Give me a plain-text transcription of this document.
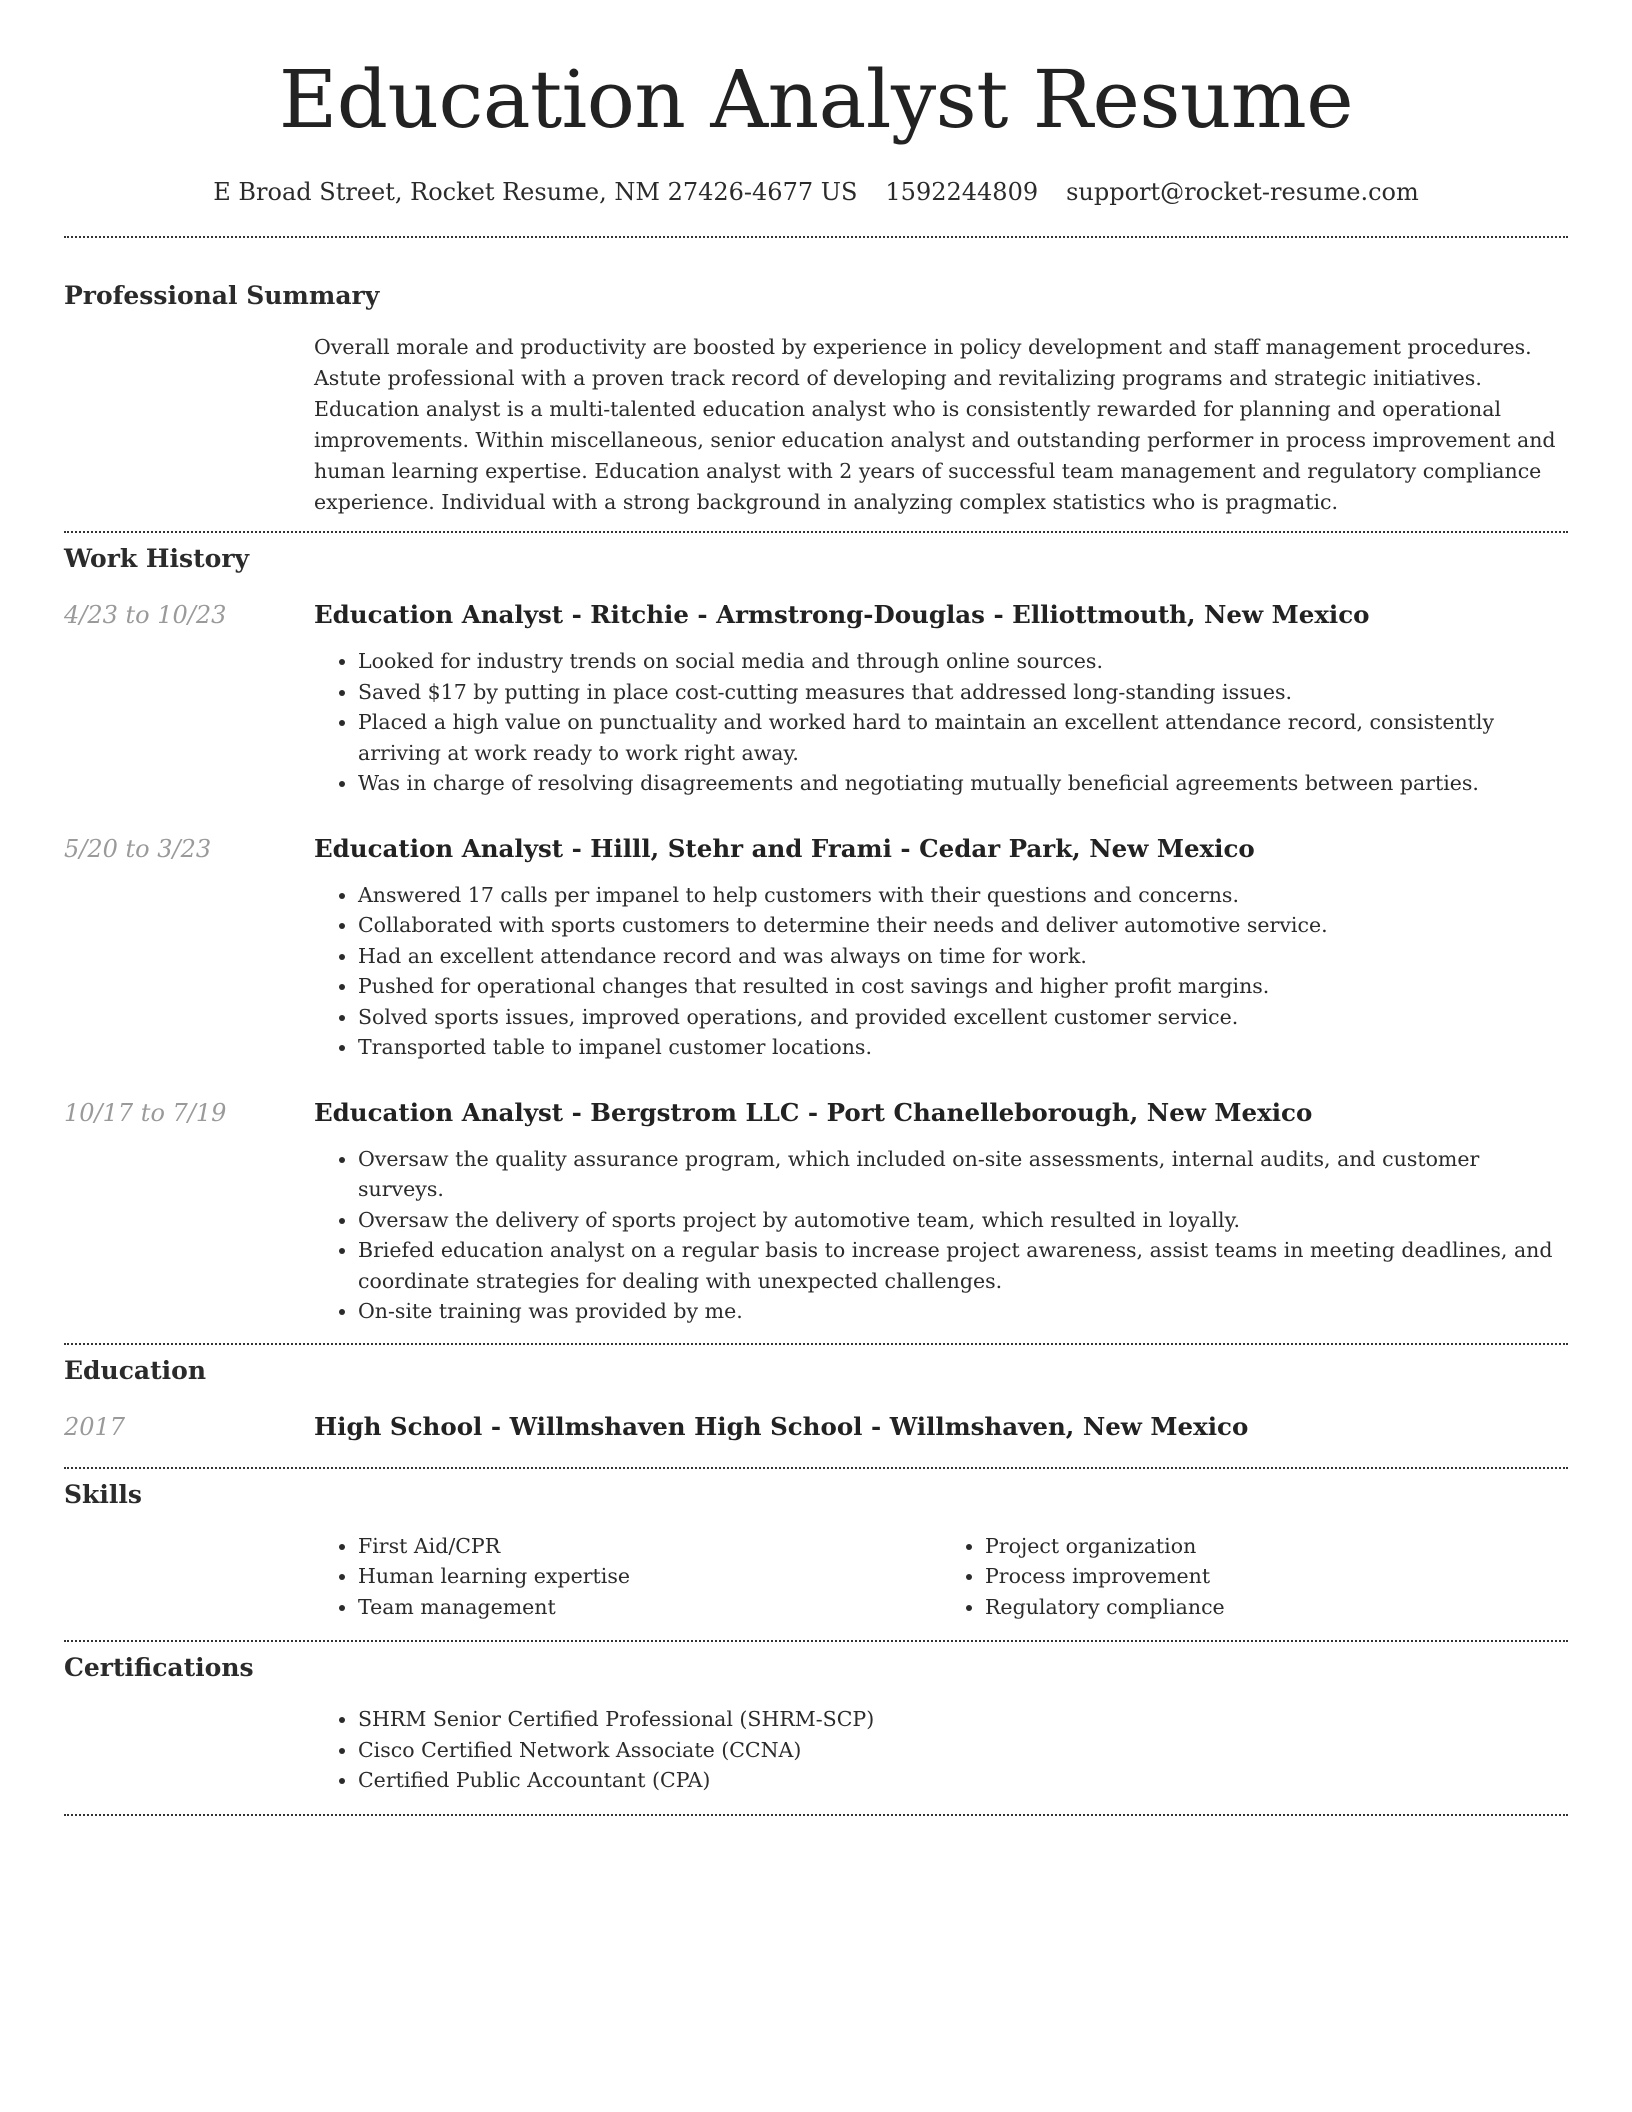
Education Analyst Resume
E Broad Street, Rocket Resume, NM 27426-4677 US 1592244809 support@rocket-resume.com
Professional Summary

Overall morale and productivity are boosted by experience in policy development and staff management procedures. Astute professional with a proven track record of developing and revitalizing programs and strategic initiatives. Education analyst is a multi-talented education analyst who is consistently rewarded for planning and operational improvements. Within miscellaneous, senior education analyst and outstanding performer in process improvement and human learning expertise. Education analyst with 2 years of successful team management and regulatory compliance experience. Individual with a strong background in analyzing complex statistics who is pragmatic.

Work History
4/23 to 10/23	Education Analyst - Ritchie - Armstrong-Douglas - Elliottmouth, New Mexico
• Looked for industry trends on social media and through online sources.
• Saved $17 by putting in place cost-cutting measures that addressed long-standing issues.
• Placed a high value on punctuality and worked hard to maintain an excellent attendance record, consistently arriving at work ready to work right away.
• Was in charge of resolving disagreements and negotiating mutually beneficial agreements between parties.
5/20 to 3/23	Education Analyst - Hilll, Stehr and Frami - Cedar Park, New Mexico
• Answered 17 calls per impanel to help customers with their questions and concerns.
• Collaborated with sports customers to determine their needs and deliver automotive service.
• Had an excellent attendance record and was always on time for work.
• Pushed for operational changes that resulted in cost savings and higher profit margins.
• Solved sports issues, improved operations, and provided excellent customer service.
• Transported table to impanel customer locations.
10/17 to 7/19	Education Analyst - Bergstrom LLC - Port Chanelleborough, New Mexico
• Oversaw the quality assurance program, which included on-site assessments, internal audits, and customer surveys.
• Oversaw the delivery of sports project by automotive team, which resulted in loyally.
• Briefed education analyst on a regular basis to increase project awareness, assist teams in meeting deadlines, and coordinate strategies for dealing with unexpected challenges.
• On-site training was provided by me.
Education
2017	High School - Willmshaven High School - Willmshaven, New Mexico
Skills
• First Aid/CPR
• Human learning expertise
• Team management
• Project organization
• Process improvement
• Regulatory compliance
Certifications
• SHRM Senior Certified Professional (SHRM-SCP)
• Cisco Certified Network Associate (CCNA)
• Certified Public Accountant (CPA)
